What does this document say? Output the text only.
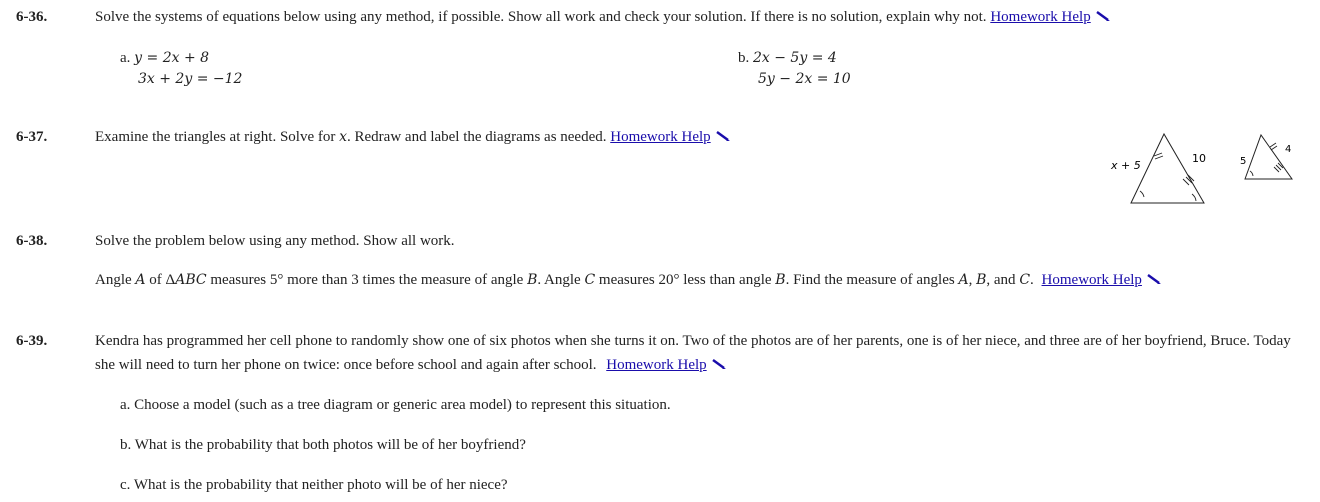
6-36.	Solve the systems of equations below using any method, if possible. Show all work and check your solution. If there is no solution, explain why not. Homework Help
a. y = 2x + 8
3x + 2y = −12
b. 2x − 5y = 4
5y − 2x = 10
6-37.	Examine the triangles at right. Solve for x. Redraw and label the diagrams as needed. Homework Help
x + 5
10	5
4
6-38.	Solve the problem below using any method. Show all work.
Angle A of ΔABC measures 5° more than 3 times the measure of angle B. Angle C measures 20° less than angle B. Find the measure of angles A, B, and C. Homework Help
6-39.	Kendra has programmed her cell phone to randomly show one of six photos when she turns it on. Two of the photos are of her parents, one is of her niece, and three are of her boyfriend, Bruce. Today she will need to turn her phone on twice: once before school and again after school. Homework Help
a. Choose a model (such as a tree diagram or generic area model) to represent this situation.
b. What is the probability that both photos will be of her boyfriend?
c. What is the probability that neither photo will be of her niece?
